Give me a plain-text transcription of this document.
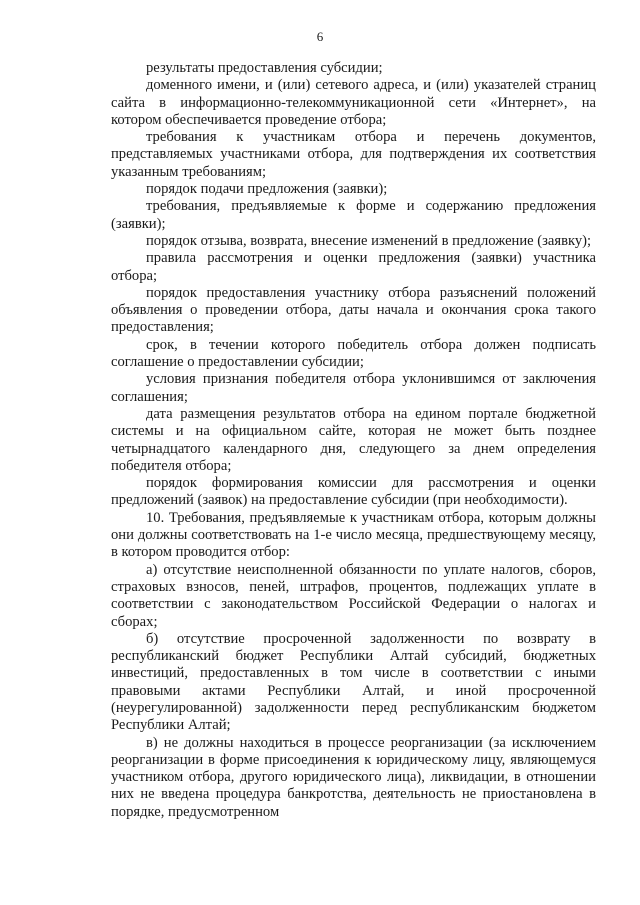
6

результаты предоставления субсидии;

доменного имени, и (или) сетевого адреса, и (или) указателей страниц сайта в информационно-телекоммуникационной сети «Интернет», на котором обеспечивается проведение отбора;

требования к участникам отбора и перечень документов, представляемых участниками отбора, для подтверждения их соответствия указанным требованиям;

порядок подачи предложения (заявки);

требования, предъявляемые к форме и содержанию предложения (заявки);

порядок отзыва, возврата, внесение изменений в предложение (заявку);

правила рассмотрения и оценки предложения (заявки) участника отбора;

порядок предоставления участнику отбора разъяснений положений объявления о проведении отбора, даты начала и окончания срока такого предоставления;

срок, в течении которого победитель отбора должен подписать соглашение о предоставлении субсидии;

условия признания победителя отбора уклонившимся от заключения соглашения;

дата размещения результатов отбора на едином портале бюджетной системы и на официальном сайте, которая не может быть позднее четырнадцатого календарного дня, следующего за днем определения победителя отбора;

порядок формирования комиссии для рассмотрения и оценки предложений (заявок) на предоставление субсидии (при необходимости).

10. Требования, предъявляемые к участникам отбора, которым должны они должны соответствовать на 1-е число месяца, предшествующему месяцу, в котором проводится отбор:

а) отсутствие неисполненной обязанности по уплате налогов, сборов, страховых взносов, пеней, штрафов, процентов, подлежащих уплате в соответствии с законодательством Российской Федерации о налогах и сборах;

б) отсутствие просроченной задолженности по возврату в республиканский бюджет Республики Алтай субсидий, бюджетных инвестиций, предоставленных в том числе в соответствии с иными правовыми актами Республики Алтай, и иной просроченной (неурегулированной) задолженности перед республиканским бюджетом Республики Алтай;

в) не должны находиться в процессе реорганизации (за исключением реорганизации в форме присоединения к юридическому лицу, являющемуся участником отбора, другого юридического лица), ликвидации, в отношении них не введена процедура банкротства, деятельность не приостановлена в порядке, предусмотренном
